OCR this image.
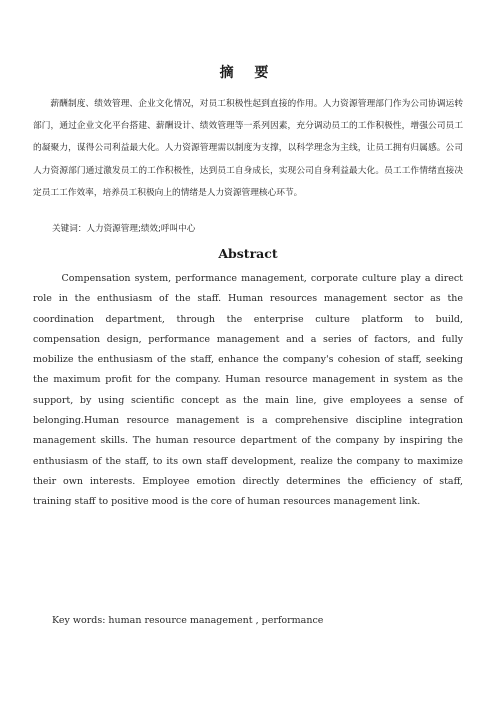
摘 要

薪酬制度、绩效管理、企业文化情况，对员工积极性起到直接的作用。人力资源管理部门作为公司协调运转部门，通过企业文化平台搭建、薪酬设计、绩效管理等一系列因素，充分调动员工的工作积极性，增强公司员工的凝聚力，谋得公司利益最大化。人力资源管理需以制度为支撑，以科学理念为主线，让员工拥有归属感。公司人力资源部门通过激发员工的工作积极性，达到员工自身成长，实现公司自身利益最大化。员工工作情绪直接决定员工工作效率，培养员工积极向上的情绪是人力资源管理核心环节。

关键词：人力资源管理;绩效;呼叫中心

Abstract

Compensation system, performance management, corporate culture play a direct role in the enthusiasm of the staff. Human resources management sector as the coordination department, through the enterprise culture platform to build, compensation design, performance management and a series of factors, and fully mobilize the enthusiasm of the staff, enhance the company's cohesion of staff, seeking the maximum profit for the company. Human resource management in system as the support, by using scientific concept as the main line, give employees a sense of belonging.Human resource management is a comprehensive discipline integration management skills. The human resource department of the company by inspiring the enthusiasm of the staff, to its own staff development, realize the company to maximize their own interests. Employee emotion directly determines the efficiency of staff, training staff to positive mood is the core of human resources management link.

Key words: human resource management , performance
